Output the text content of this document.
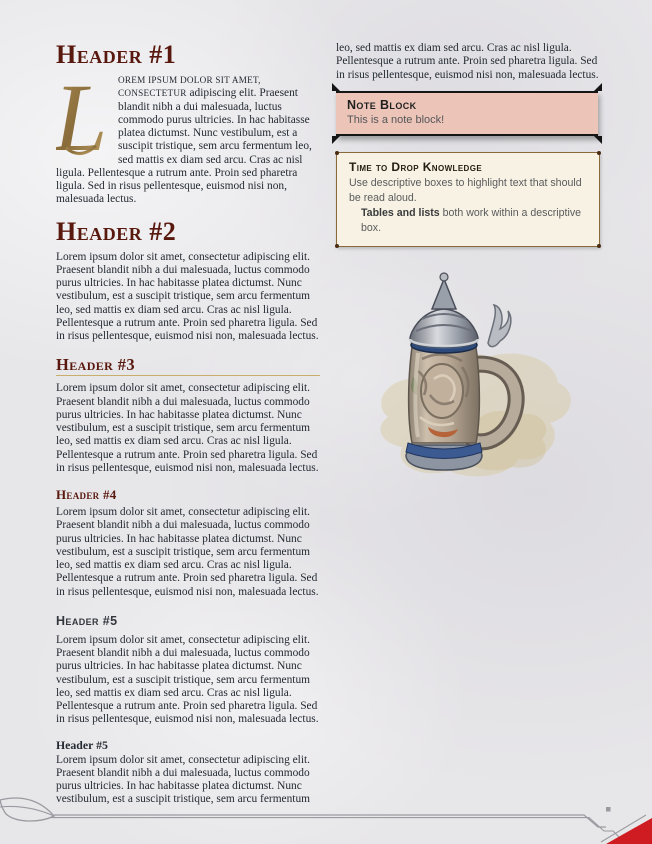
Header #1

L OREM IPSUM DOLOR SIT AMET, CONSECTETUR adipiscing elit. Praesent blandit nibh a dui malesuada, luctus commodo purus ultricies. In hac habitasse platea dictumst. Nunc vestibulum, est a suscipit tristique, sem arcu fermentum leo, sed mattis ex diam sed arcu. Cras ac nisl ligula. Pellentesque a rutrum ante. Proin sed pharetra ligula. Sed in risus pellentesque, euismod nisi non, malesuada lectus.

Header #2

Lorem ipsum dolor sit amet, consectetur adipiscing elit. Praesent blandit nibh a dui malesuada, luctus commodo purus ultricies. In hac habitasse platea dictumst. Nunc vestibulum, est a suscipit tristique, sem arcu fermentum leo, sed mattis ex diam sed arcu. Cras ac nisl ligula. Pellentesque a rutrum ante. Proin sed pharetra ligula. Sed in risus pellentesque, euismod nisi non, malesuada lectus.

Header #3

Lorem ipsum dolor sit amet, consectetur adipiscing elit. Praesent blandit nibh a dui malesuada, luctus commodo purus ultricies. In hac habitasse platea dictumst. Nunc vestibulum, est a suscipit tristique, sem arcu fermentum leo, sed mattis ex diam sed arcu. Cras ac nisl ligula. Pellentesque a rutrum ante. Proin sed pharetra ligula. Sed in risus pellentesque, euismod nisi non, malesuada lectus.

Header #4

Lorem ipsum dolor sit amet, consectetur adipiscing elit. Praesent blandit nibh a dui malesuada, luctus commodo purus ultricies. In hac habitasse platea dictumst. Nunc vestibulum, est a suscipit tristique, sem arcu fermentum leo, sed mattis ex diam sed arcu. Cras ac nisl ligula. Pellentesque a rutrum ante. Proin sed pharetra ligula. Sed in risus pellentesque, euismod nisi non, malesuada lectus.

Header #5

Lorem ipsum dolor sit amet, consectetur adipiscing elit. Praesent blandit nibh a dui malesuada, luctus commodo purus ultricies. In hac habitasse platea dictumst. Nunc vestibulum, est a suscipit tristique, sem arcu fermentum leo, sed mattis ex diam sed arcu. Cras ac nisl ligula. Pellentesque a rutrum ante. Proin sed pharetra ligula. Sed in risus pellentesque, euismod nisi non, malesuada lectus.

Header #5

Lorem ipsum dolor sit amet, consectetur adipiscing elit. Praesent blandit nibh a dui malesuada, luctus commodo purus ultricies. In hac habitasse platea dictumst. Nunc vestibulum, est a suscipit tristique, sem arcu fermentum

leo, sed mattis ex diam sed arcu. Cras ac nisl ligula. Pellentesque a rutrum ante. Proin sed pharetra ligula. Sed in risus pellentesque, euismod nisi non, malesuada lectus.

Note Block
This is a note block!
Time to Drop Knowledge
Use descriptive boxes to highlight text that should be read aloud.
Tables and lists both work within a descriptive box.
